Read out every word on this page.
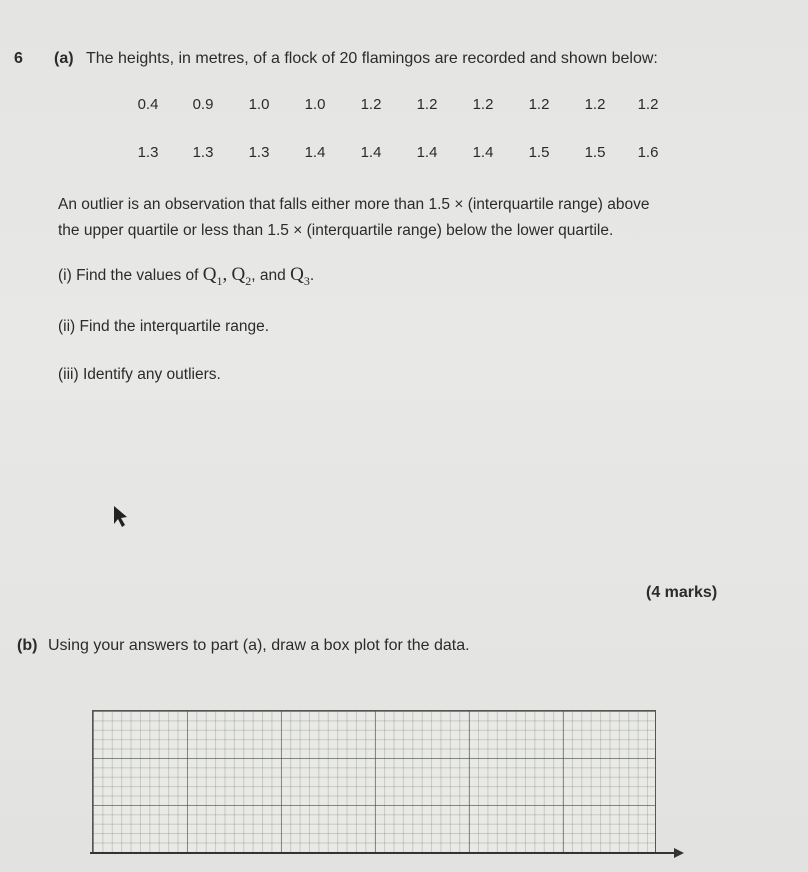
6 (a) The heights, in metres, of a flock of 20 flamingos are recorded and shown below:
0.4	0.9	1.0	1.0	1.2	1.2	1.2	1.2	1.2	1.2
1.3	1.3	1.3	1.4	1.4	1.4	1.4	1.5	1.5	1.6
An outlier is an observation that falls either more than 1.5 × (interquartile range) above
the upper quartile or less than 1.5 × (interquartile range) below the lower quartile.
(i) Find the values of $Q_1$, $Q_2$, and $Q_3$.
(ii) Find the interquartile range.
(iii) Identify any outliers.
(4 marks)
(b) Using your answers to part (a), draw a box plot for the data.
